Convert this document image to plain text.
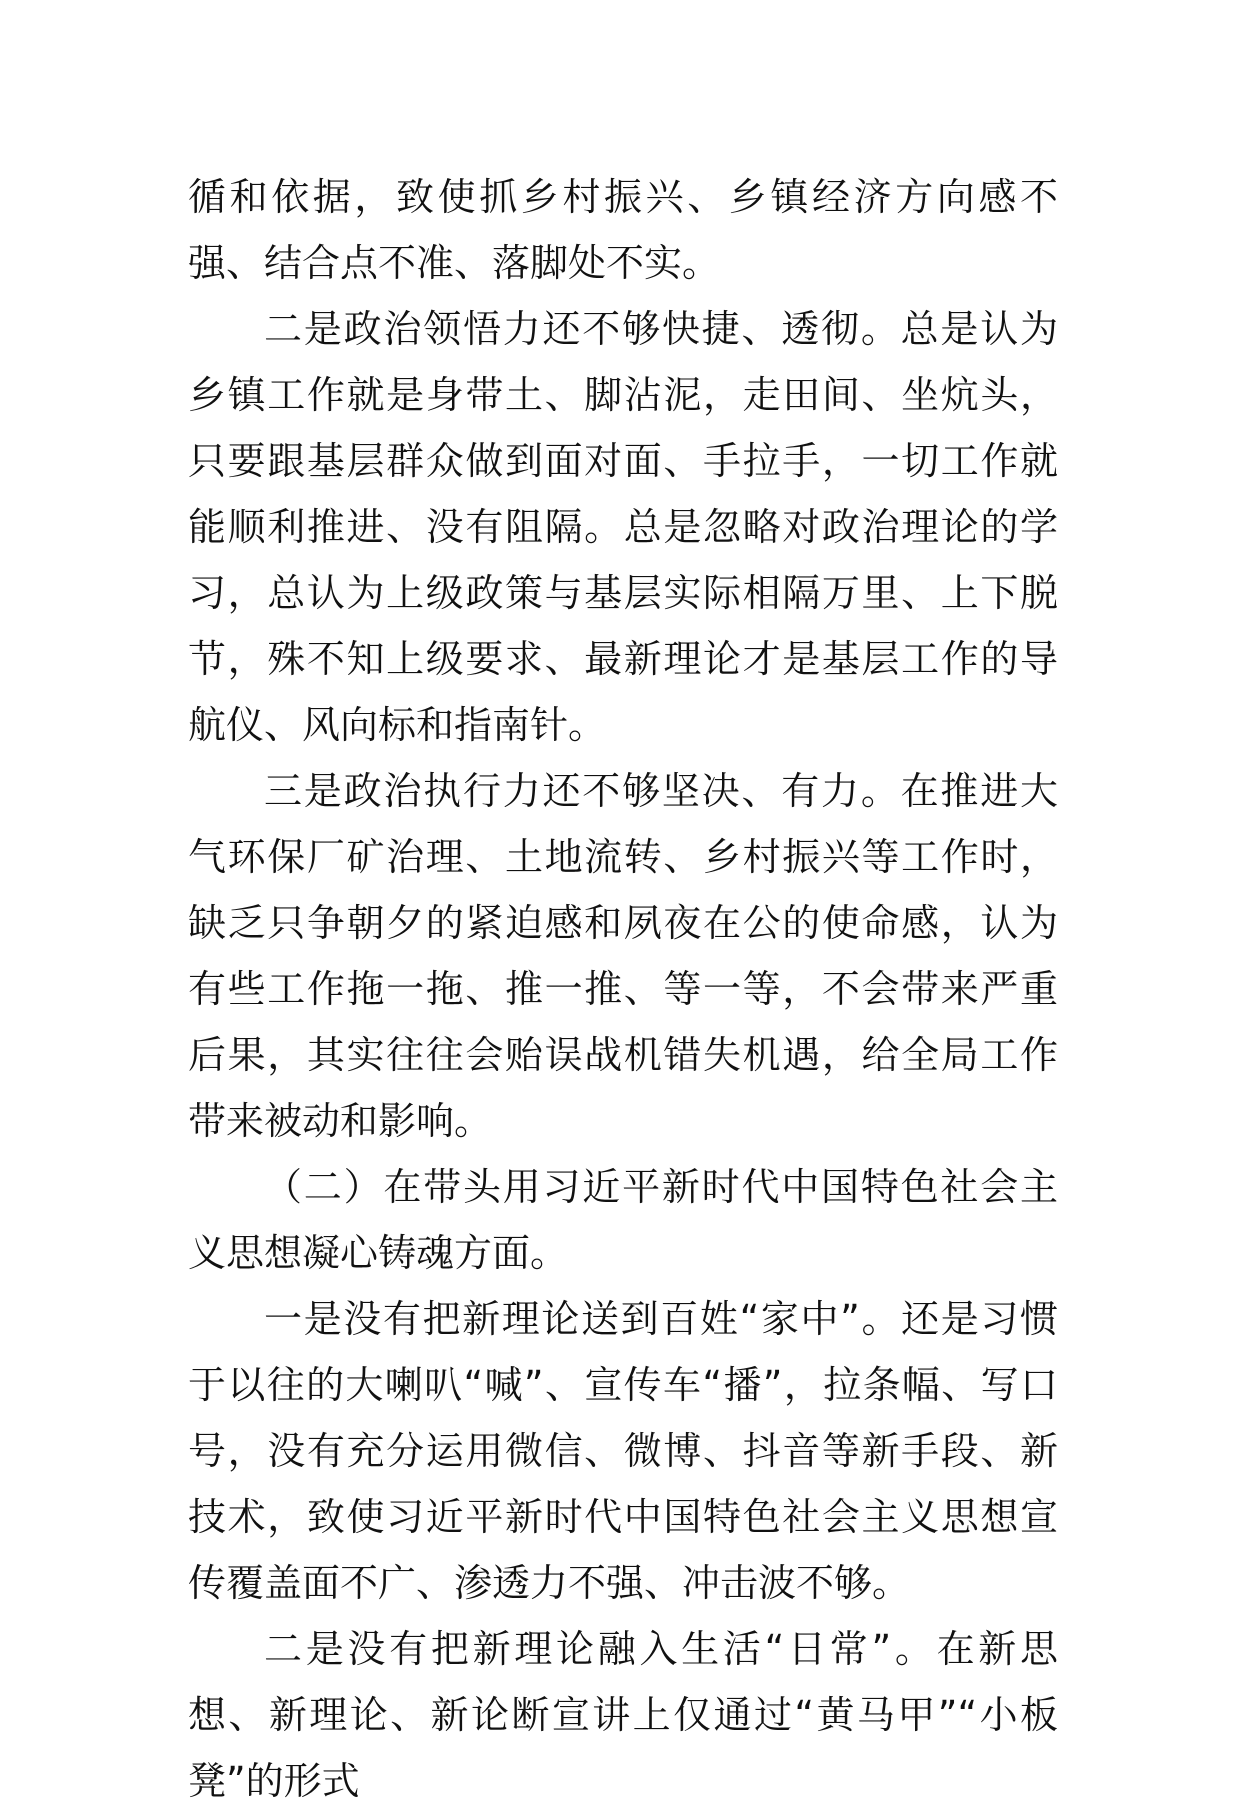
循和依据，致使抓乡村振兴、乡镇经济方向感不强、结合点不准、落脚处不实。

二是政治领悟力还不够快捷、透彻。总是认为乡镇工作就是身带土、脚沾泥，走田间、坐炕头，只要跟基层群众做到面对面、手拉手，一切工作就能顺利推进、没有阻隔。总是忽略对政治理论的学习，总认为上级政策与基层实际相隔万里、上下脱节，殊不知上级要求、最新理论才是基层工作的导航仪、风向标和指南针。

三是政治执行力还不够坚决、有力。在推进大气环保厂矿治理、土地流转、乡村振兴等工作时，缺乏只争朝夕的紧迫感和夙夜在公的使命感，认为有些工作拖一拖、推一推、等一等，不会带来严重后果，其实往往会贻误战机错失机遇，给全局工作带来被动和影响。

（二）在带头用习近平新时代中国特色社会主义思想凝心铸魂方面。

一是没有把新理论送到百姓“家中”。还是习惯于以往的大喇叭“喊”、宣传车“播”，拉条幅、写口号，没有充分运用微信、微博、抖音等新手段、新技术，致使习近平新时代中国特色社会主义思想宣传覆盖面不广、渗透力不强、冲击波不够。

二是没有把新理论融入生活“日常”。在新思想、新理论、新论断宣讲上仅通过“黄马甲”“小板凳”的形式
